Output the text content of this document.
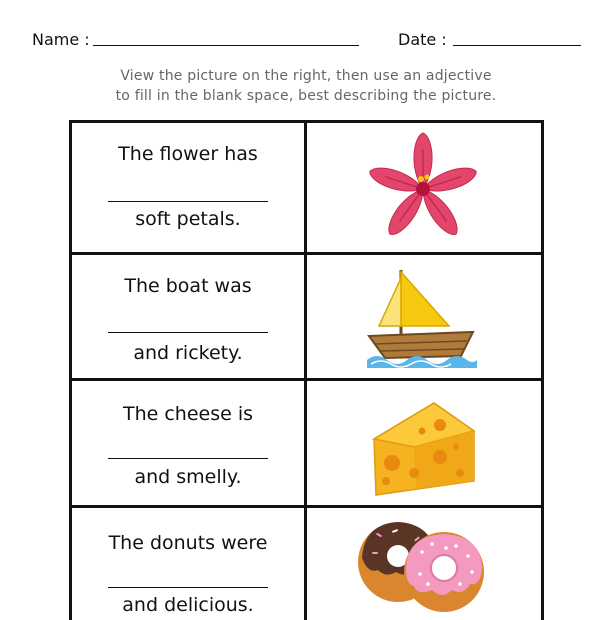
Name :	Date :
View the picture on the right, then use an adjective
to fill in the blank space, best describing the picture.
The flower has
soft petals.
The boat was
and rickety.
The cheese is
and smelly.
The donuts were
and delicious.
